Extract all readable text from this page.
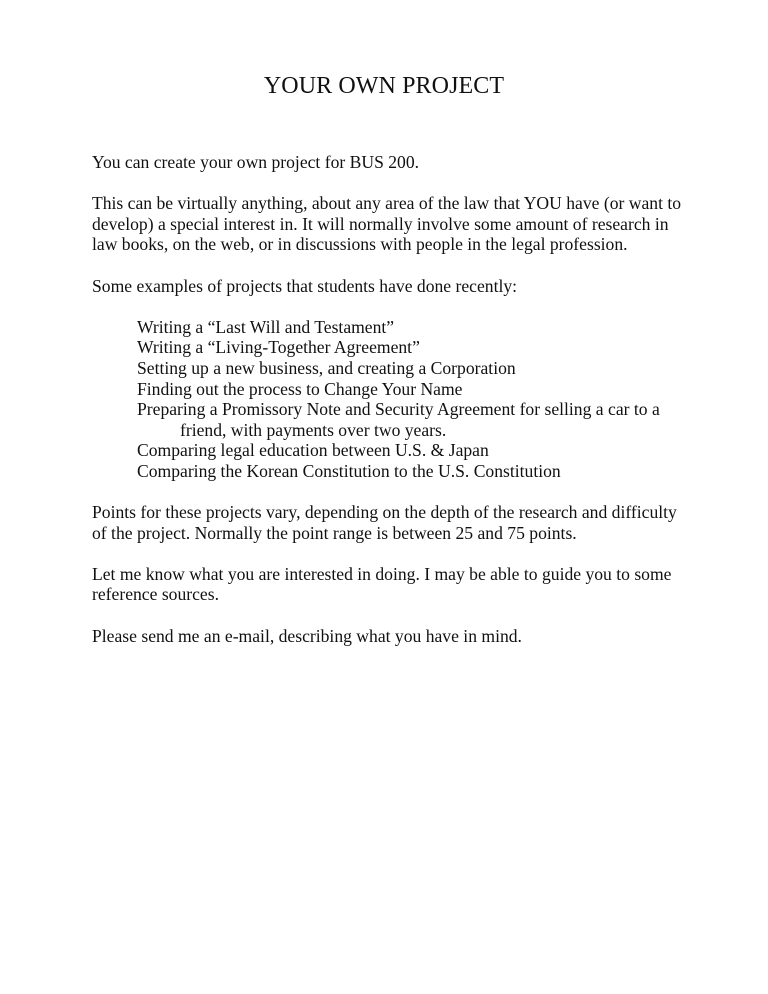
YOUR OWN PROJECT

You can create your own project for BUS 200.

This can be virtually anything, about any area of the law that YOU have (or want to develop) a special interest in. It will normally involve some amount of research in law books, on the web, or in discussions with people in the legal profession.

Some examples of projects that students have done recently:

Writing a “Last Will and Testament”
Writing a “Living-Together Agreement”
Setting up a new business, and creating a Corporation
Finding out the process to Change Your Name
Preparing a Promissory Note and Security Agreement for selling a car to a friend, with payments over two years.
Comparing legal education between U.S. & Japan
Comparing the Korean Constitution to the U.S. Constitution

Points for these projects vary, depending on the depth of the research and difficulty of the project. Normally the point range is between 25 and 75 points.

Let me know what you are interested in doing. I may be able to guide you to some reference sources.

Please send me an e-mail, describing what you have in mind.
